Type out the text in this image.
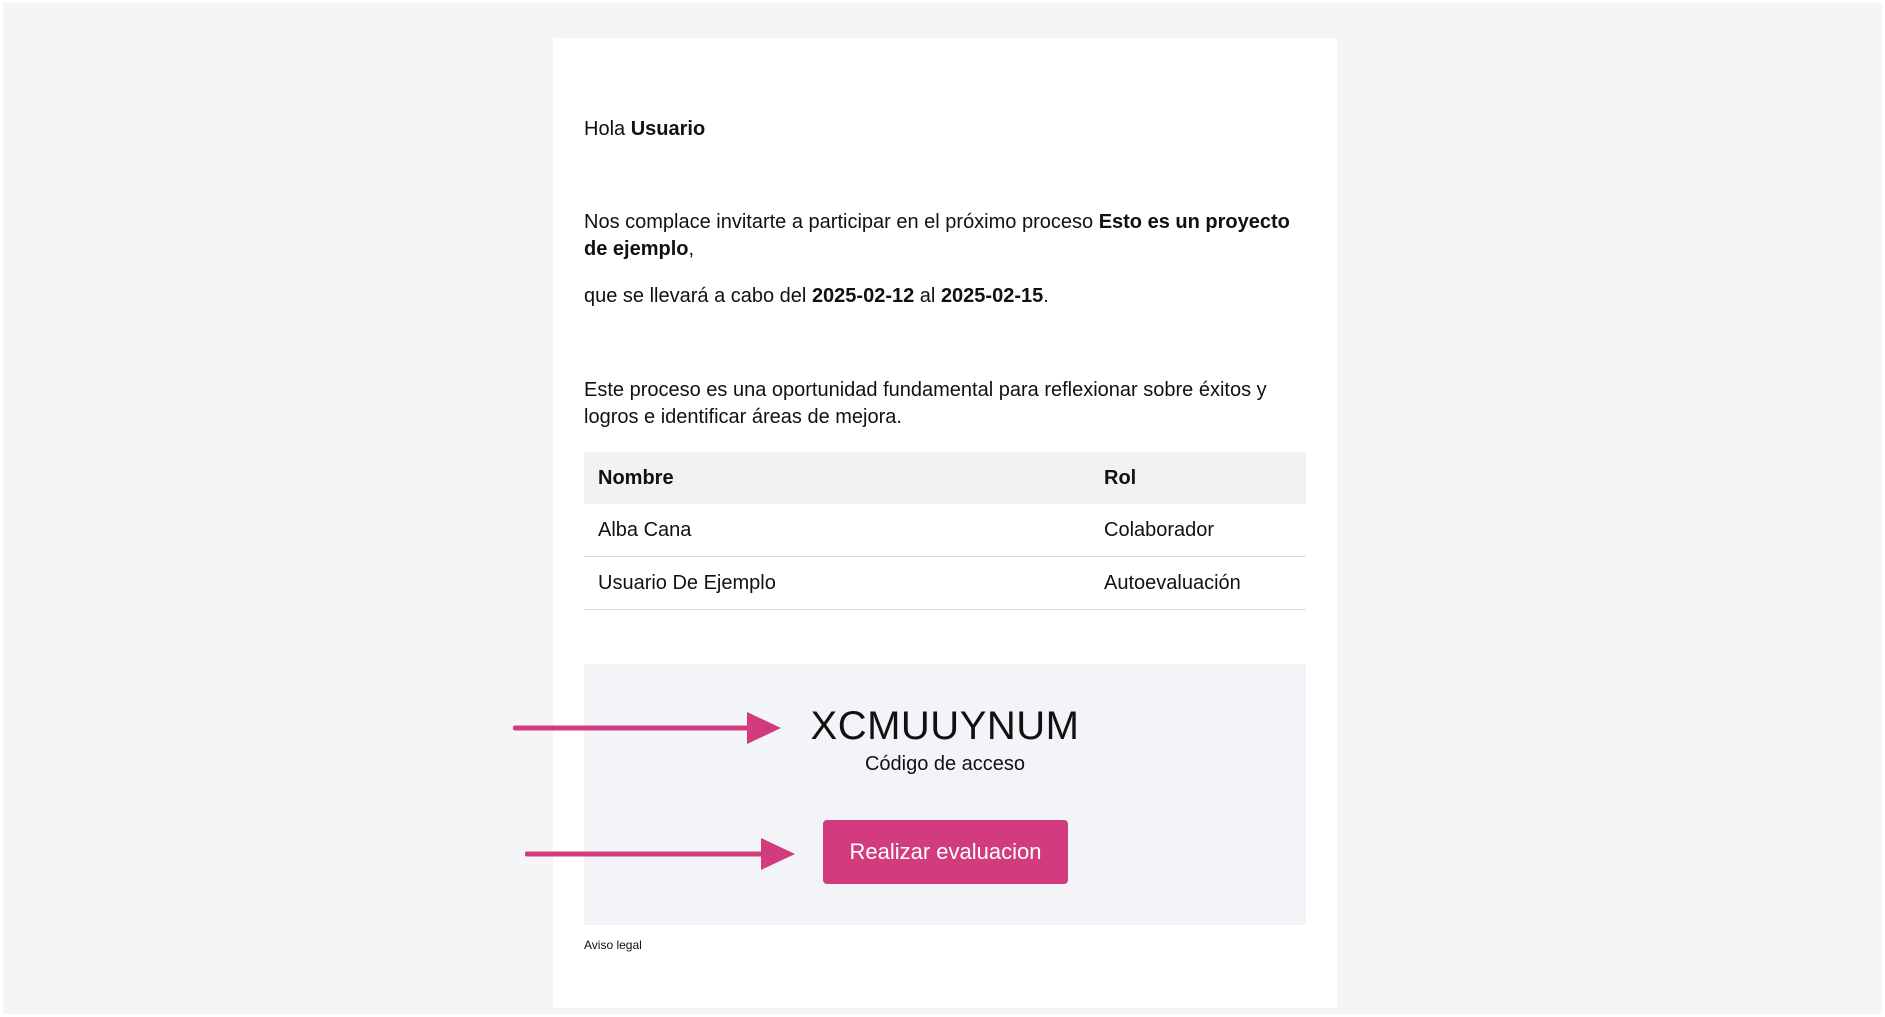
Hola Usuario

Nos complace invitarte a participar en el próximo proceso Esto es un proyecto de ejemplo,

que se llevará a cabo del 2025-02-12 al 2025-02-15.

Este proceso es una oportunidad fundamental para reflexionar sobre éxitos y logros e identificar áreas de mejora.

Nombre	Rol
Alba Cana	Colaborador
Usuario De Ejemplo	Autoevaluación
XCMUUYNUM
Código de acceso
Realizar evaluacion
Aviso legal
